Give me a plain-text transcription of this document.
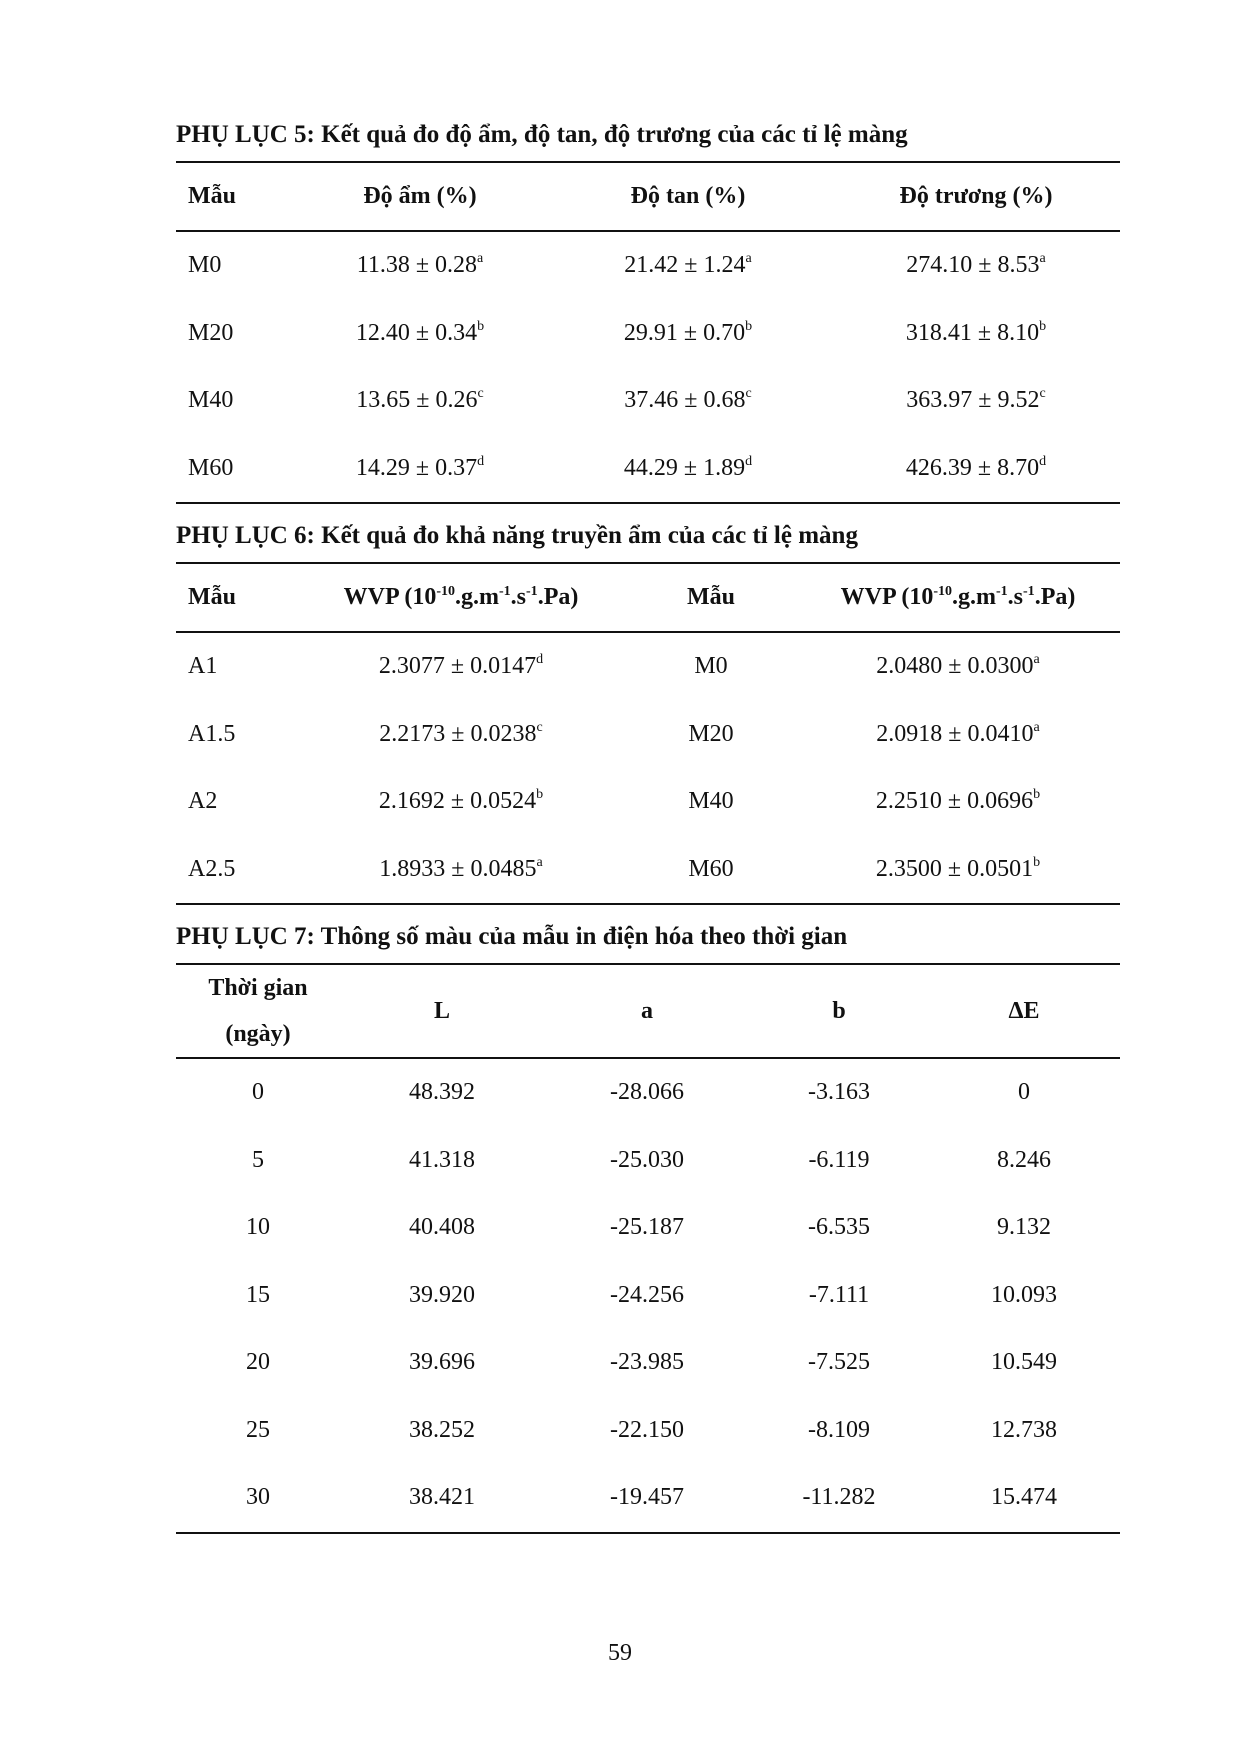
PHỤ LỤC 5: Kết quả đo độ ẩm, độ tan, độ trương của các tỉ lệ màng
Mẫu	Độ ẩm (%)	Độ tan (%)	Độ trương (%)
M0	11.38 ± 0.28$^a$	21.42 ± 1.24$^a$	274.10 ± 8.53$^a$
M20	12.40 ± 0.34$^b$	29.91 ± 0.70$^b$	318.41 ± 8.10$^b$
M40	13.65 ± 0.26$^c$	37.46 ± 0.68$^c$	363.97 ± 9.52$^c$
M60	14.29 ± 0.37$^d$	44.29 ± 1.89$^d$	426.39 ± 8.70$^d$
PHỤ LỤC 6: Kết quả đo khả năng truyền ẩm của các tỉ lệ màng
Mẫu	WVP $(10^{-10}.g.m^{-1}.s^{-1}.Pa)$	Mẫu	WVP $(10^{-10}.g.m^{-1}.s^{-1}.Pa)$
A1	2.3077 ± 0.0147$^d$	M0	2.0480 ± 0.0300$^a$
A1.5	2.2173 ± 0.0238$^c$	M20	2.0918 ± 0.0410$^a$
A2	2.1692 ± 0.0524$^b$	M40	2.2510 ± 0.0696$^b$
A2.5	1.8933 ± 0.0485$^a$	M60	2.3500 ± 0.0501$^b$
PHỤ LỤC 7: Thông số màu của mẫu in điện hóa theo thời gian
Thời gian
(ngày)	L	a	b	ΔE
0	48.392	-28.066	-3.163	0
5	41.318	-25.030	-6.119	8.246
10	40.408	-25.187	-6.535	9.132
15	39.920	-24.256	-7.111	10.093
20	39.696	-23.985	-7.525	10.549
25	38.252	-22.150	-8.109	12.738
30	38.421	-19.457	-11.282	15.474
59
